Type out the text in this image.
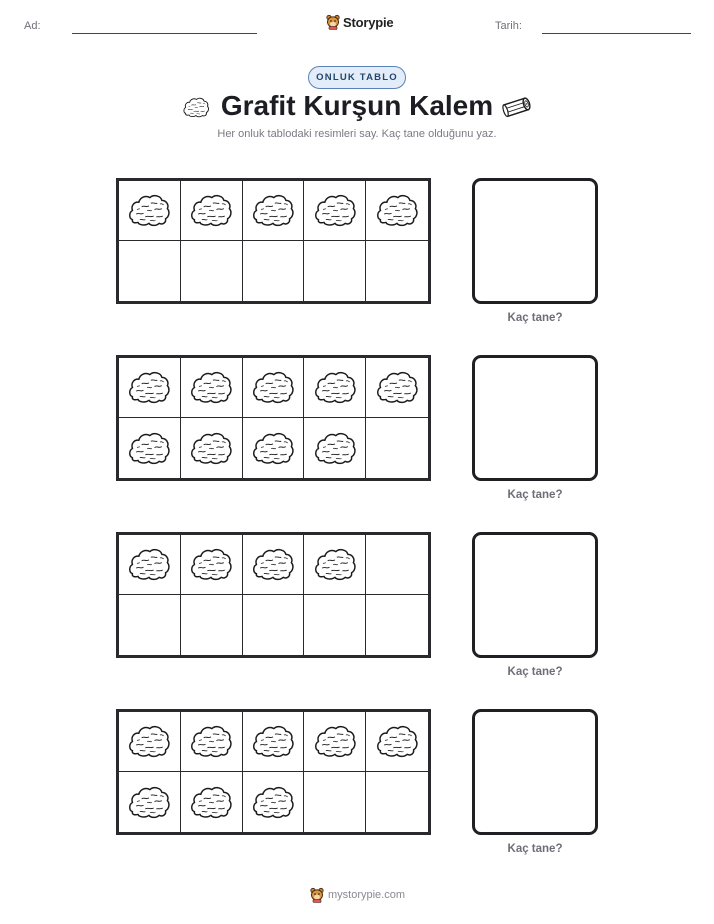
Ad:	Storypie	Tarih:
ONLUK TABLO
Grafit Kurşun Kalem
Her onluk tablodaki resimleri say. Kaç tane olduğunu yaz.
Kaç tane?
Kaç tane?
Kaç tane?
Kaç tane?
mystorypie.com
